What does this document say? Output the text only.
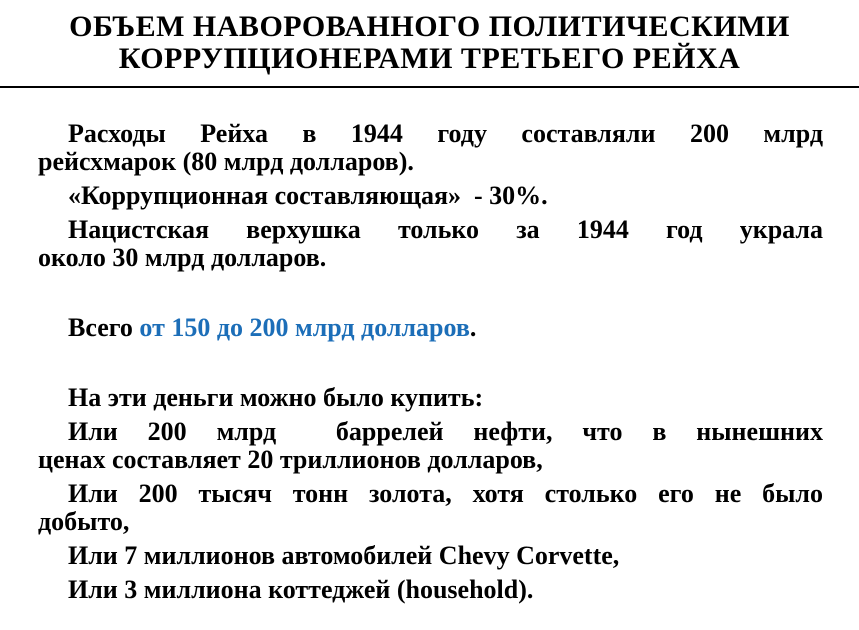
ОБЪЕМ НАВОРОВАННОГО ПОЛИТИЧЕСКИМИ
КОРРУПЦИОНЕРАМИ ТРЕТЬЕГО РЕЙХА
Расходы Рейха в 1944 году составляли 200 млрд
рейсхмарок (80 млрд долларов).
«Коррупционная составляющая»  - 30%.
Нацистская верхушка только за 1944 год украла
около 30 млрд долларов.
Всего от 150 до 200 млрд долларов.
На эти деньги можно было купить:
Или 200 млрд  баррелей нефти, что в нынешних
ценах составляет 20 триллионов долларов,
Или 200 тысяч тонн золота, хотя столько его не было
добыто,
Или 7 миллионов автомобилей Chevy Corvette,
Или 3 миллиона коттеджей (household).
